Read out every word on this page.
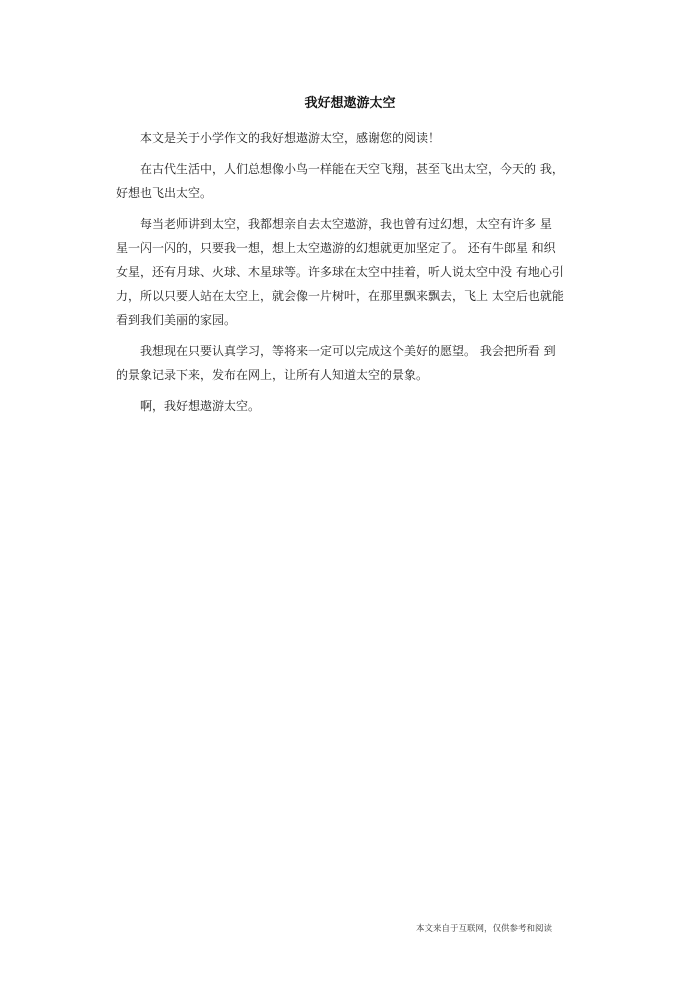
我好想遨游太空

本文是关于小学作文的我好想遨游太空，感谢您的阅读！

在古代生活中，人们总想像小鸟一样能在天空飞翔，甚至飞出太空，今天的 我，
好想也飞出太空。

每当老师讲到太空，我都想亲自去太空遨游，我也曾有过幻想，太空有许多 星
星一闪一闪的，只要我一想，想上太空遨游的幻想就更加坚定了。 还有牛郎星 和织
女星，还有月球、火球、木星球等。许多球在太空中挂着，听人说太空中没 有地心引
力，所以只要人站在太空上，就会像一片树叶，在那里飘来飘去，飞上 太空后也就能
看到我们美丽的家园。

我想现在只要认真学习，等将来一定可以完成这个美好的愿望。 我会把所看 到
的景象记录下来，发布在网上，让所有人知道太空的景象。

啊，我好想遨游太空。

本文来自于互联网，仅供参考和阅读
